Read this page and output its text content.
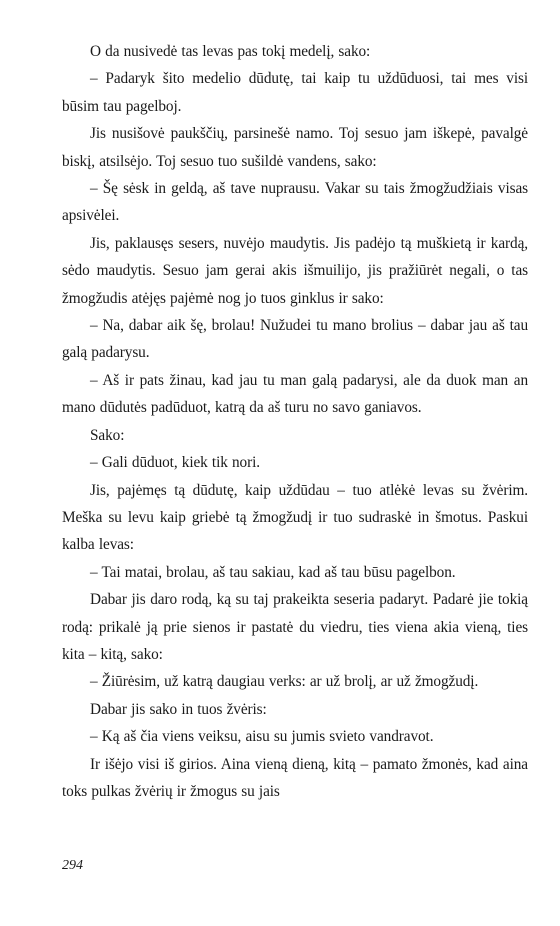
O da nusivedė tas levas pas tokį medelį, sako:

– Padaryk šito medelio dūdutę, tai kaip tu uždūduosi, tai mes visi būsim tau pagelboj.

Jis nusišovė paukščių, parsinešė namo. Toj sesuo jam iškepė, pavalgė biskį, atsilsėjo. Toj sesuo tuo sušildė vandens, sako:

– Šę sėsk in geldą, aš tave nuprausu. Vakar su tais žmogžudžiais visas apsivėlei.

Jis, paklausęs sesers, nuvėjo maudytis. Jis padėjo tą muškietą ir kardą, sėdo maudytis. Sesuo jam gerai akis išmuilijo, jis pražiūrėt negali, o tas žmogžudis atėjęs pajėmė nog jo tuos ginklus ir sako:

– Na, dabar aik šę, brolau! Nužudei tu mano brolius – dabar jau aš tau galą padarysu.

– Aš ir pats žinau, kad jau tu man galą padarysi, ale da duok man an mano dūdutės padūduot, katrą da aš turu no savo ganiavos.

Sako:

– Gali dūduot, kiek tik nori.

Jis, pajėmęs tą dūdutę, kaip uždūdau – tuo atlėkė levas su žvėrim. Meška su levu kaip griebė tą žmogžudį ir tuo sudraskė in šmotus. Paskui kalba levas:

– Tai matai, brolau, aš tau sakiau, kad aš tau būsu pagelbon.

Dabar jis daro rodą, ką su taj prakeikta seseria padaryt. Padarė jie tokią rodą: prikalė ją prie sienos ir pastatė du viedru, ties viena akia vieną, ties kita – kitą, sako:

– Žiūrėsim, už katrą daugiau verks: ar už brolį, ar už žmogžudį.

Dabar jis sako in tuos žvėris:

– Ką aš čia viens veiksu, aisu su jumis svieto vandravot.

Ir išėjo visi iš girios. Aina vieną dieną, kitą – pamato žmonės, kad aina toks pulkas žvėrių ir žmogus su jais

294
